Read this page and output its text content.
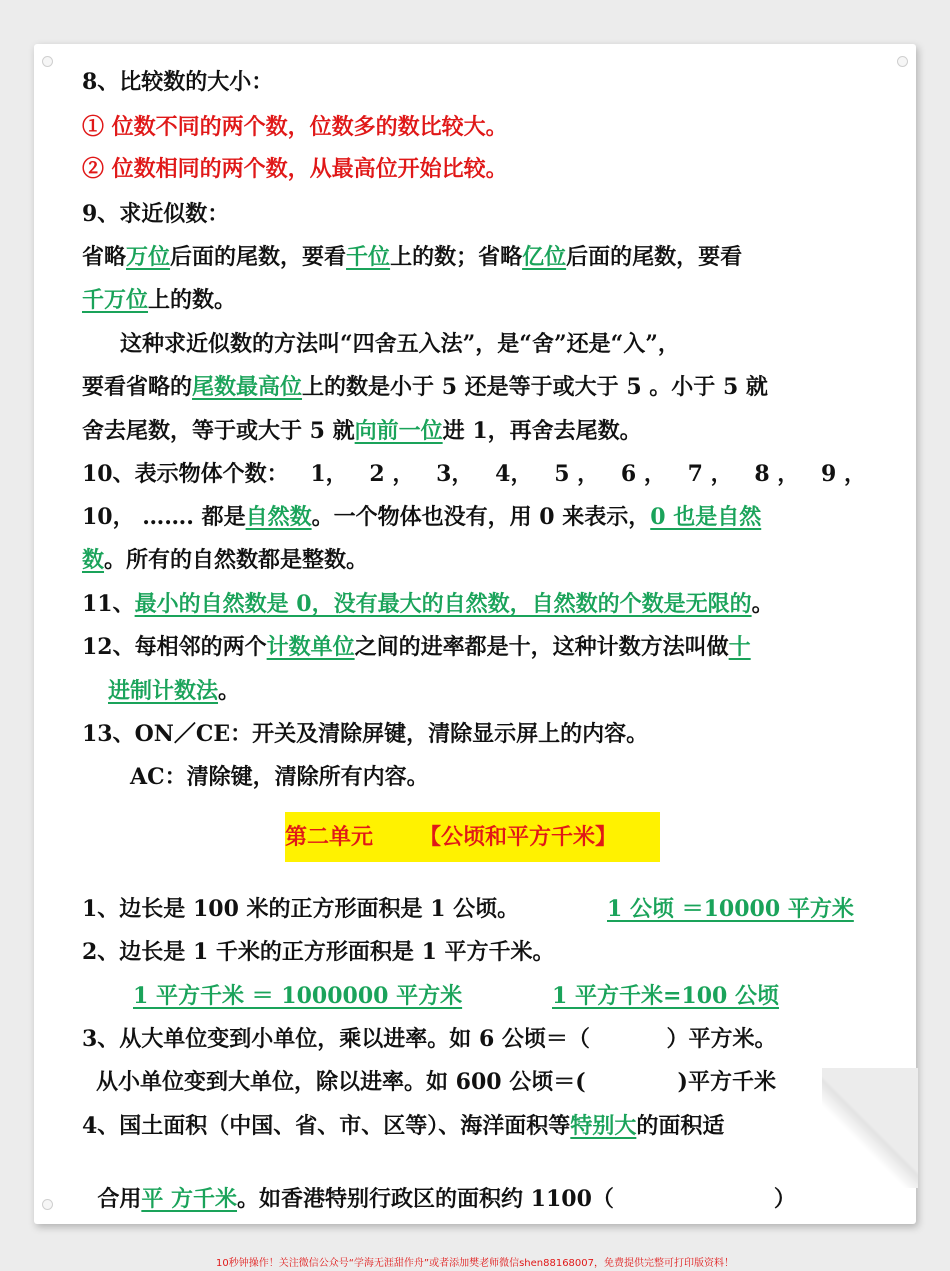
8、比较数的大小：
① 位数不同的两个数，位数多的数比较大。
② 位数相同的两个数，从最高位开始比较。
9、求近似数：
省略万位后面的尾数，要看千位上的数；省略亿位后面的尾数，要看
千万位上的数。
这种求近似数的方法叫“四舍五入法”，是“舍”还是“入”，
要看省略的尾数最高位上的数是小于 5 还是等于或大于 5 。小于 5 就
舍去尾数，等于或大于 5 就向前一位进 1，再舍去尾数。
10、表示物体个数： 1， 2 ， 3， 4， 5 ， 6 ， 7 ， 8 ， 9 ，
10， ……. 都是自然数。一个物体也没有，用 0 来表示，0 也是自然
数。所有的自然数都是整数。
11、最小的自然数是 0，没有最大的自然数，自然数的个数是无限的。
12、每相邻的两个计数单位之间的进率都是十，这种计数方法叫做十
进制计数法。
13、ON／CE：开关及清除屏键，清除显示屏上的内容。
AC：清除键，清除所有内容。
第二单元      【公顷和平方千米】
1、边长是 100 米的正方形面积是 1 公顷。	1 公顷 ＝10000 平方米
2、边长是 1 千米的正方形面积是 1 平方千米。
1 平方千米 ＝ 1000000 平方米	1 平方千米=100 公顷
3、从大单位变到小单位，乘以进率。如 6 公顷＝（          ）平方米。
从小单位变到大单位，除以进率。如 600 公顷＝(            )平方千米
4、国土面积（中国、省、市、区等）、海洋面积等特别大的面积适

合用平 方千米。如香港特别行政区的面积约 1100（	）

10秒钟操作！关注微信公众号“学海无涯甜作舟”或者添加樊老师微信shen88168007，免费提供完整可打印版资料！
